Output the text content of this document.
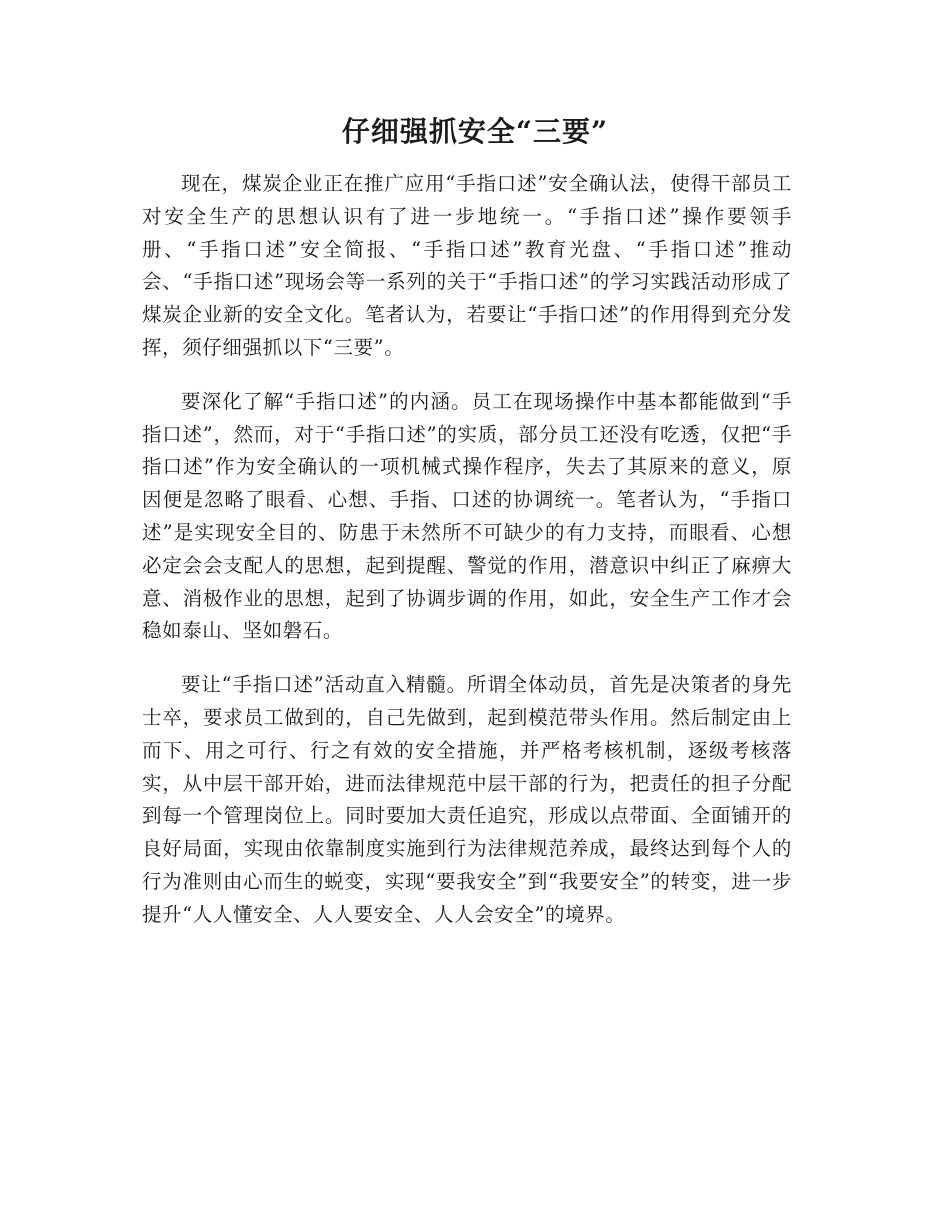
仔细强抓安全“三要”

现在，煤炭企业正在推广应用“手指口述”安全确认法，使得干部员工对安全生产的思想认识有了进一步地统一。“手指口述”操作要领手册、“手指口述”安全简报、“手指口述”教育光盘、“手指口述”推动会、“手指口述”现场会等一系列的关于“手指口述”的学习实践活动形成了煤炭企业新的安全文化。笔者认为，若要让“手指口述”的作用得到充分发挥，须仔细强抓以下“三要”。

要深化了解“手指口述”的内涵。员工在现场操作中基本都能做到“手指口述”，然而，对于“手指口述”的实质，部分员工还没有吃透，仅把“手指口述”作为安全确认的一项机械式操作程序，失去了其原来的意义，原因便是忽略了眼看、心想、手指、口述的协调统一。笔者认为，“手指口述”是实现安全目的、防患于未然所不可缺少的有力支持，而眼看、心想必定会会支配人的思想，起到提醒、警觉的作用，潜意识中纠正了麻痹大意、消极作业的思想，起到了协调步调的作用，如此，安全生产工作才会稳如泰山、坚如磐石。

要让“手指口述”活动直入精髓。所谓全体动员，首先是决策者的身先士卒，要求员工做到的，自己先做到，起到模范带头作用。然后制定由上而下、用之可行、行之有效的安全措施，并严格考核机制，逐级考核落实，从中层干部开始，进而法律规范中层干部的行为，把责任的担子分配到每一个管理岗位上。同时要加大责任追究，形成以点带面、全面铺开的良好局面，实现由依靠制度实施到行为法律规范养成，最终达到每个人的行为准则由心而生的蜕变，实现“要我安全”到“我要安全”的转变，进一步提升“人人懂安全、人人要安全、人人会安全”的境界。
